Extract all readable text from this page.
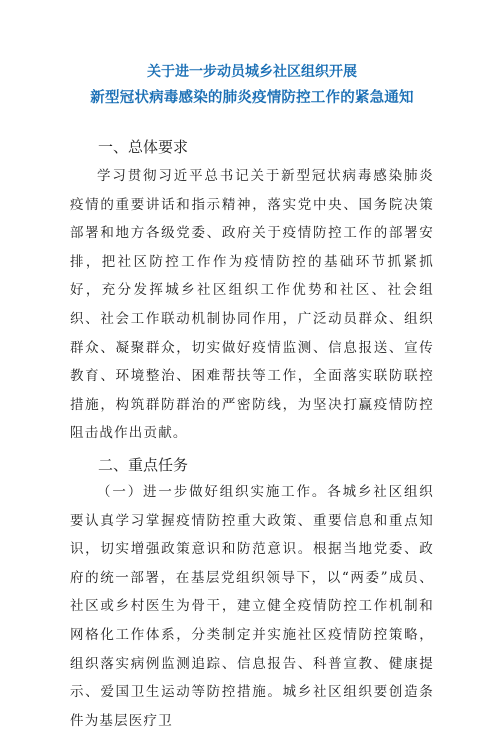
关于进一步动员城乡社区组织开展

新型冠状病毒感染的肺炎疫情防控工作的紧急通知

一、总体要求

学习贯彻习近平总书记关于新型冠状病毒感染肺炎疫情的重要讲话和指示精神，落实党中央、国务院决策部署和地方各级党委、政府关于疫情防控工作的部署安排，把社区防控工作作为疫情防控的基础环节抓紧抓好，充分发挥城乡社区组织工作优势和社区、社会组织、社会工作联动机制协同作用，广泛动员群众、组织群众、凝聚群众，切实做好疫情监测、信息报送、宣传教育、环境整治、困难帮扶等工作，全面落实联防联控措施，构筑群防群治的严密防线，为坚决打赢疫情防控阻击战作出贡献。

二、重点任务

（一）进一步做好组织实施工作。各城乡社区组织要认真学习掌握疫情防控重大政策、重要信息和重点知识，切实增强政策意识和防范意识。根据当地党委、政府的统一部署，在基层党组织领导下，以“两委”成员、社区或乡村医生为骨干，建立健全疫情防控工作机制和网格化工作体系，分类制定并实施社区疫情防控策略，组织落实病例监测追踪、信息报告、科普宣教、健康提示、爱国卫生运动等防控措施。城乡社区组织要创造条件为基层医疗卫
